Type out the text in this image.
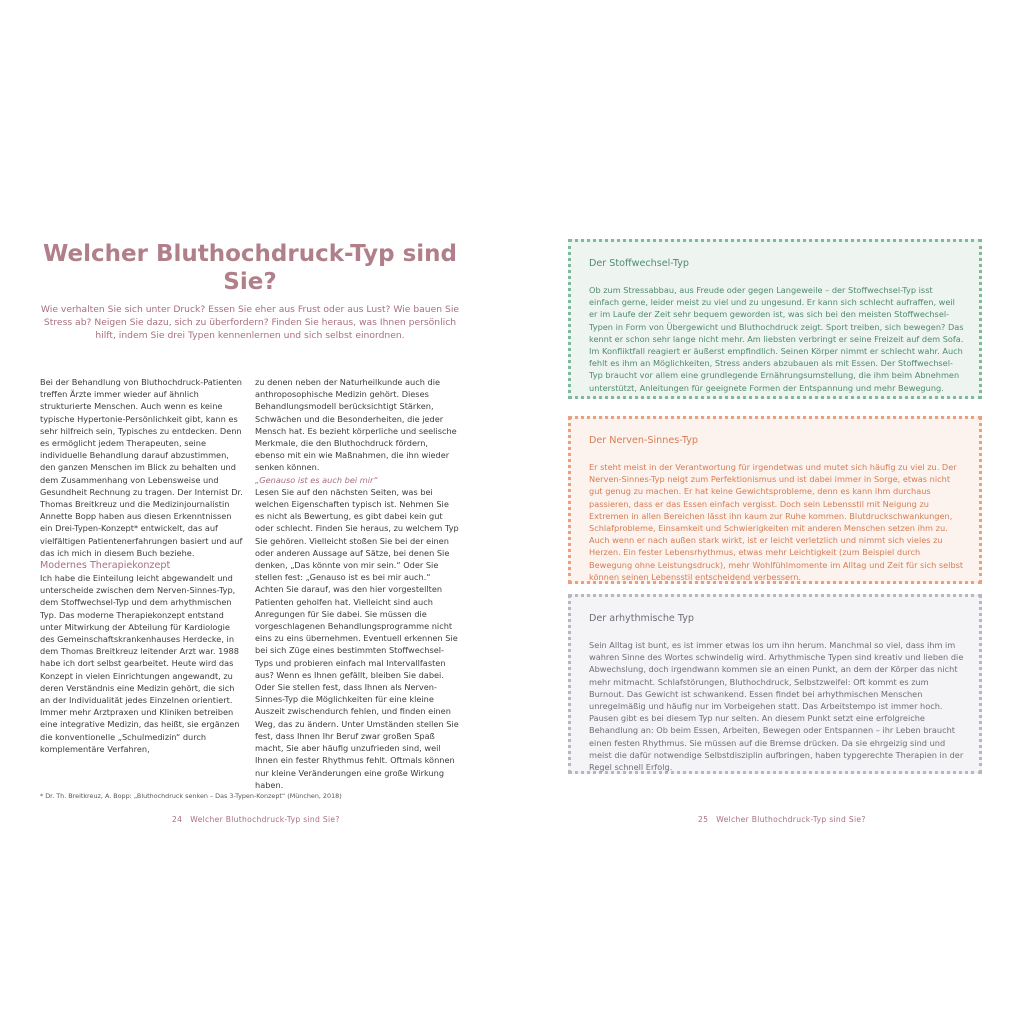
Welcher Bluthochdruck-Typ sind Sie?

Wie verhalten Sie sich unter Druck? Essen Sie eher aus Frust oder aus Lust? Wie bauen Sie Stress ab? Neigen Sie dazu, sich zu überfordern? Finden Sie heraus, was Ihnen persönlich hilft, indem Sie drei Typen kennenlernen und sich selbst einordnen.

Bei der Behandlung von Bluthochdruck-Patienten treffen Ärzte immer wieder auf ähnlich strukturierte Menschen. Auch wenn es keine typische Hypertonie-Persönlichkeit gibt, kann es sehr hilfreich sein, Typisches zu entdecken. Denn es ermöglicht jedem Therapeuten, seine individuelle Behandlung darauf abzustimmen, den ganzen Menschen im Blick zu behalten und dem Zusammenhang von Lebensweise und Gesundheit Rechnung zu tragen. Der Internist Dr. Thomas Breitkreuz und die Medizinjournalistin Annette Bopp haben aus diesen Erkenntnissen ein Drei-Typen-Konzept* entwickelt, das auf vielfältigen Patientenerfahrungen basiert und auf das ich mich in diesem Buch beziehe.

Modernes Therapiekonzept

Ich habe die Einteilung leicht abgewandelt und unterscheide zwischen dem Nerven-Sinnes-Typ, dem Stoffwechsel-Typ und dem arhythmischen Typ. Das moderne Therapiekonzept entstand unter Mitwirkung der Abteilung für Kardiologie des Gemeinschaftskrankenhauses Herdecke, in dem Thomas Breitkreuz leitender Arzt war. 1988 habe ich dort selbst gearbeitet. Heute wird das Konzept in vielen Einrichtungen angewandt, zu deren Verständnis eine Medizin gehört, die sich an der Individualität jedes Einzelnen orientiert. Immer mehr Arztpraxen und Kliniken betreiben eine integrative Medizin, das heißt, sie ergänzen die konventionelle „Schulmedizin“ durch komplementäre Verfahren,

zu denen neben der Naturheilkunde auch die anthroposophische Medizin gehört. Dieses Behandlungsmodell berücksichtigt Stärken, Schwächen und die Besonderheiten, die jeder Mensch hat. Es bezieht körperliche und seelische Merkmale, die den Bluthochdruck fördern, ebenso mit ein wie Maßnahmen, die ihn wieder senken können.

„Genauso ist es auch bei mir“

Lesen Sie auf den nächsten Seiten, was bei welchen Eigenschaften typisch ist. Nehmen Sie es nicht als Bewertung, es gibt dabei kein gut oder schlecht. Finden Sie heraus, zu welchem Typ Sie gehören. Vielleicht stoßen Sie bei der einen oder anderen Aussage auf Sätze, bei denen Sie denken, „Das könnte von mir sein.“ Oder Sie stellen fest: „Genauso ist es bei mir auch.“ Achten Sie darauf, was den hier vorgestellten Patienten geholfen hat. Vielleicht sind auch Anregungen für Sie dabei. Sie müssen die vorgeschlagenen Behandlungsprogramme nicht eins zu eins übernehmen. Eventuell erkennen Sie bei sich Züge eines bestimmten Stoffwechsel-Typs und probieren einfach mal Intervallfasten aus? Wenn es Ihnen gefällt, bleiben Sie dabei. Oder Sie stellen fest, dass Ihnen als Nerven-Sinnes-Typ die Möglichkeiten für eine kleine Auszeit zwischendurch fehlen, und finden einen Weg, das zu ändern. Unter Umständen stellen Sie fest, dass Ihnen Ihr Beruf zwar großen Spaß macht, Sie aber häufig unzufrieden sind, weil Ihnen ein fester Rhythmus fehlt. Oftmals können nur kleine Veränderungen eine große Wirkung haben.

* Dr. Th. Breitkreuz, A. Bopp: „Bluthochdruck senken – Das 3-Typen-Konzept“ (München, 2018)

24 Welcher Bluthochdruck-Typ sind Sie?
Der Stoffwechsel-Typ

Ob zum Stressabbau, aus Freude oder gegen Langeweile – der Stoffwechsel-Typ isst einfach gerne, leider meist zu viel und zu ungesund. Er kann sich schlecht aufraffen, weil er im Laufe der Zeit sehr bequem geworden ist, was sich bei den meisten Stoffwechsel-Typen in Form von Übergewicht und Bluthochdruck zeigt. Sport treiben, sich bewegen? Das kennt er schon sehr lange nicht mehr. Am liebsten verbringt er seine Freizeit auf dem Sofa. Im Konfliktfall reagiert er äußerst empfindlich. Seinen Körper nimmt er schlecht wahr. Auch fehlt es ihm an Möglichkeiten, Stress anders abzubauen als mit Essen. Der Stoffwechsel-Typ braucht vor allem eine grundlegende Ernährungsumstellung, die ihm beim Abnehmen unterstützt, Anleitungen für geeignete Formen der Entspannung und mehr Bewegung.

Der Nerven-Sinnes-Typ

Er steht meist in der Verantwortung für irgendetwas und mutet sich häufig zu viel zu. Der Nerven-Sinnes-Typ neigt zum Perfektionismus und ist dabei immer in Sorge, etwas nicht gut genug zu machen. Er hat keine Gewichtsprobleme, denn es kann ihm durchaus passieren, dass er das Essen einfach vergisst. Doch sein Lebensstil mit Neigung zu Extremen in allen Bereichen lässt ihn kaum zur Ruhe kommen. Blutdruckschwankungen, Schlafprobleme, Einsamkeit und Schwierigkeiten mit anderen Menschen setzen ihm zu. Auch wenn er nach außen stark wirkt, ist er leicht verletzlich und nimmt sich vieles zu Herzen. Ein fester Lebensrhythmus, etwas mehr Leichtigkeit (zum Beispiel durch Bewegung ohne Leistungsdruck), mehr Wohlfühlmomente im Alltag und Zeit für sich selbst können seinen Lebensstil entscheidend verbessern.

Der arhythmische Typ

Sein Alltag ist bunt, es ist immer etwas los um ihn herum. Manchmal so viel, dass ihm im wahren Sinne des Wortes schwindelig wird. Arhythmische Typen sind kreativ und lieben die Abwechslung, doch irgendwann kommen sie an einen Punkt, an dem der Körper das nicht mehr mitmacht. Schlafstörungen, Bluthochdruck, Selbstzweifel: Oft kommt es zum Burnout. Das Gewicht ist schwankend. Essen findet bei arhythmischen Menschen unregelmäßig und häufig nur im Vorbeigehen statt. Das Arbeitstempo ist immer hoch. Pausen gibt es bei diesem Typ nur selten. An diesem Punkt setzt eine erfolgreiche Behandlung an: Ob beim Essen, Arbeiten, Bewegen oder Entspannen – ihr Leben braucht einen festen Rhythmus. Sie müssen auf die Bremse drücken. Da sie ehrgeizig sind und meist die dafür notwendige Selbstdisziplin aufbringen, haben typgerechte Therapien in der Regel schnell Erfolg.

25 Welcher Bluthochdruck-Typ sind Sie?
